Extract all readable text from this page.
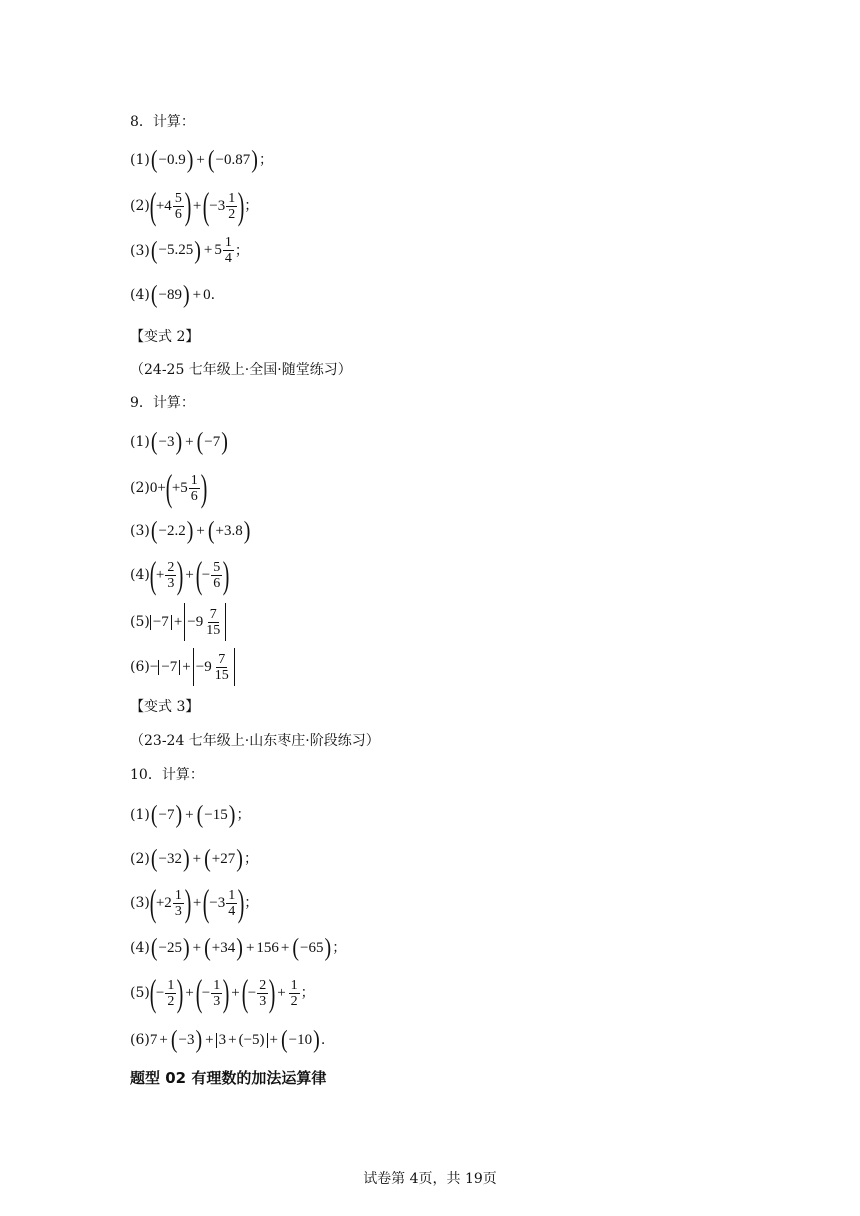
8．计算：
(1) ( −0.9 ) + ( −0.87 ) ；
(2) ( $+4 \frac{5}{6}$ ) + ( $-3 \frac{1}{2}$ ) ；
(3) ( −5.25 ) + $5 \frac{1}{4}$ ；
(4) ( −89 ) + 0 .
【变式 2】
（24-25 七年级上·全国·随堂练习）
9．计算：
(1) ( −3 ) + ( −7 )
(2) 0+ ( $+5 \frac{1}{6}$ )
(3) ( −2.2 ) + ( +3.8 )
(4) ( + $\frac{2}{3}$ ) + ( − $\frac{5}{6}$ )
$(5) -7 + -9 \frac{7}{15}$
$(6) - -7 + -9 \frac{7}{15}$
【变式 3】
（23-24 七年级上·山东枣庄·阶段练习）
10．计算：
(1) ( −7 ) + ( −15 ) ；
(2) ( −32 ) + ( +27 ) ；
(3) ( $+2 \frac{1}{3}$ ) + ( $-3 \frac{1}{4}$ ) ；
(4) ( −25 ) + ( +34 ) + 156 + ( −65 ) ；
(5) ( − $\frac{1}{2}$ ) + ( − $\frac{1}{3}$ ) + ( − $\frac{2}{3}$ ) + $\frac{1}{2}$ ；
(6) 7 + ( −3 ) + 3 + (−5) + ( −10 ) .
题型 02 有理数的加法运算律
试卷第 4页，共 19页
